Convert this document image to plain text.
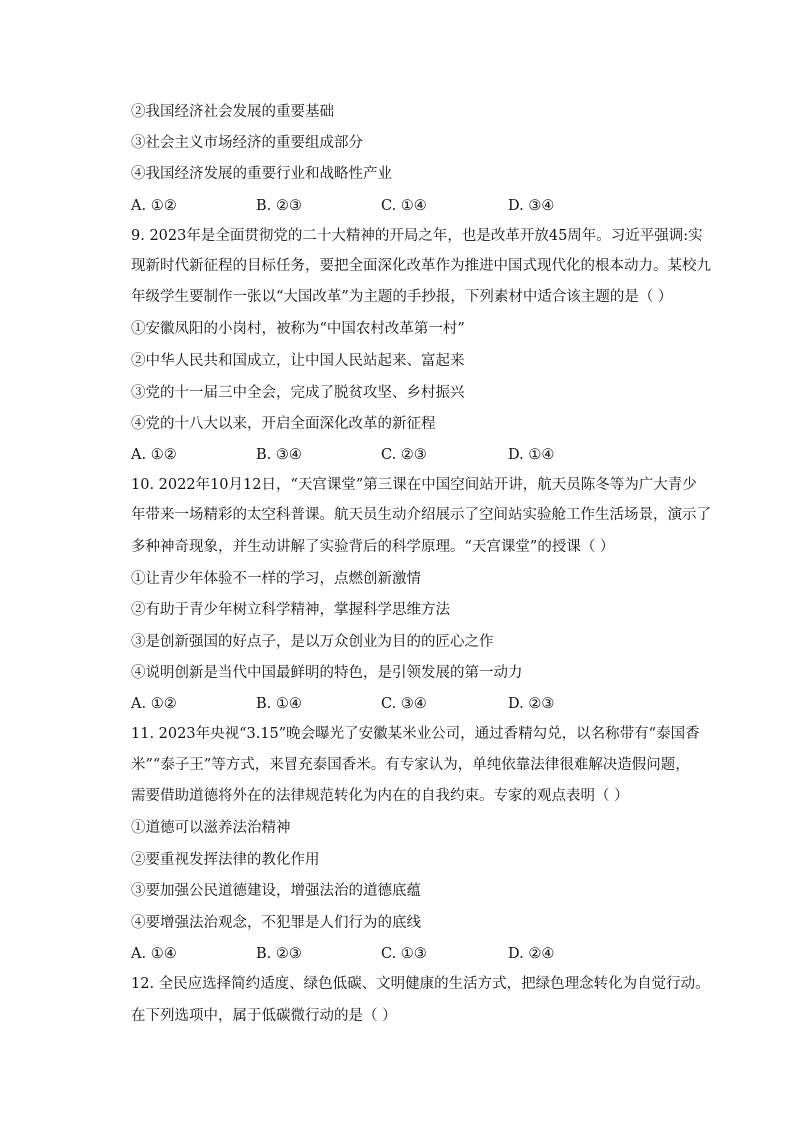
②我国经济社会发展的重要基础
③社会主义市场经济的重要组成部分
④我国经济发展的重要行业和战略性产业
A. ①②	B. ②③	C. ①④	D. ③④
9. 2023年是全面贯彻党的二十大精神的开局之年，也是改革开放45周年。习近平强调:实
现新时代新征程的目标任务，要把全面深化改革作为推进中国式现代化的根本动力。某校九
年级学生要制作一张以“大国改革”为主题的手抄报，下列素材中适合该主题的是（ ）
①安徽凤阳的小岗村，被称为“中国农村改革第一村”
②中华人民共和国成立，让中国人民站起来、富起来
③党的十一届三中全会，完成了脱贫攻坚、乡村振兴
④党的十八大以来，开启全面深化改革的新征程
A. ①②	B. ③④	C. ②③	D. ①④
10. 2022年10月12日，“天宫课堂”第三课在中国空间站开讲，航天员陈冬等为广大青少
年带来一场精彩的太空科普课。航天员生动介绍展示了空间站实验舱工作生活场景，演示了
多种神奇现象，并生动讲解了实验背后的科学原理。“天宫课堂”的授课（ ）
①让青少年体验不一样的学习，点燃创新激情
②有助于青少年树立科学精神，掌握科学思维方法
③是创新强国的好点子，是以万众创业为目的的匠心之作
④说明创新是当代中国最鲜明的特色，是引领发展的第一动力
A. ①②	B. ①④	C. ③④	D. ②③
11. 2023年央视“3.15”晚会曝光了安徽某米业公司，通过香精勾兑，以名称带有“泰国香
米”“泰子王”等方式，来冒充泰国香米。有专家认为，单纯依靠法律很难解决造假问题，
需要借助道德将外在的法律规范转化为内在的自我约束。专家的观点表明（ ）
①道德可以滋养法治精神
②要重视发挥法律的教化作用
③要加强公民道德建设，增强法治的道德底蕴
④要增强法治观念，不犯罪是人们行为的底线
A. ①④	B. ②③	C. ①③	D. ②④
12. 全民应选择简约适度、绿色低碳、文明健康的生活方式，把绿色理念转化为自觉行动。
在下列选项中，属于低碳微行动的是（ ）
